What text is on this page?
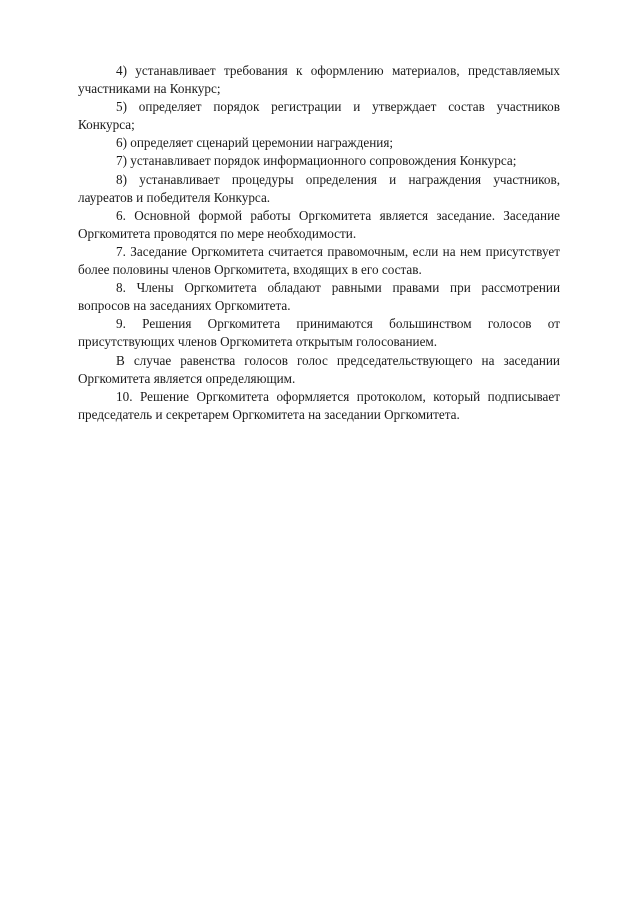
4) устанавливает требования к оформлению материалов, представляемых участниками на Конкурс;

5) определяет порядок регистрации и утверждает состав участников Конкурса;

6) определяет сценарий церемонии награждения;

7) устанавливает порядок информационного сопровождения Конкурса;

8) устанавливает процедуры определения и награждения участников, лауреатов и победителя Конкурса.

6. Основной формой работы Оргкомитета является заседание. Заседание Оргкомитета проводятся по мере необходимости.

7. Заседание Оргкомитета считается правомочным, если на нем присутствует более половины членов Оргкомитета, входящих в его состав.

8. Члены Оргкомитета обладают равными правами при рассмотрении вопросов на заседаниях Оргкомитета.

9. Решения Оргкомитета принимаются большинством голосов от присутствующих членов Оргкомитета открытым голосованием.

В случае равенства голосов голос председательствующего на заседании Оргкомитета является определяющим.

10. Решение Оргкомитета оформляется протоколом, который подписывает председатель и секретарем Оргкомитета на заседании Оргкомитета.
